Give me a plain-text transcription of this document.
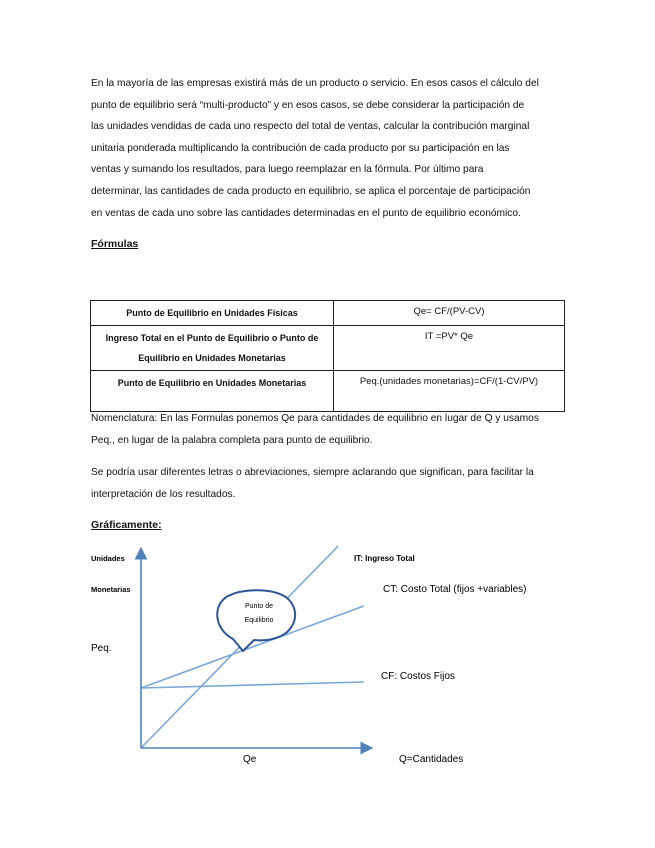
En la mayoría de las empresas existirá más de un producto o servicio. En esos casos el cálculo del
punto de equilibrio será “multi-producto” y en esos casos, se debe considerar la participación de
las unidades vendidas de cada uno respecto del total de ventas, calcular la contribución marginal
unitaria ponderada multiplicando la contribución de cada producto por su participación en las
ventas y sumando los resultados, para luego reemplazar en la fórmula. Por último para
determinar, las cantidades de cada producto en equilibrio, se aplica el porcentaje de participación
en ventas de cada uno sobre las cantidades determinadas en el punto de equilibrio económico.
Fórmulas
Punto de Equilibrio en Unidades Físicas	Qe= CF/(PV-CV)
Ingreso Total en el Punto de Equilibrio o Punto de
Equilibrio en Unidades Monetarias	IT =PV* Qe
Punto de Equilibrio en Unidades Monetarias	Peq.(unidades monetarias)=CF/(1-CV/PV)
Nomenclatura: En las Formulas ponemos Qe para cantidades de equilibrio en lugar de Q y usamos
Peq., en lugar de la palabra completa para punto de equilibrio.
Se podría usar diferentes letras o abreviaciones, siempre aclarando que significan, para facilitar la
interpretación de los resultados.
Gráficamente:
Punto de
Equilibrio
Unidades
Monetarias
Peq.
Qe	Q=Cantidades
IT: Ingreso Total
CT: Costo Total (fijos +variables)
CF: Costos Fijos
